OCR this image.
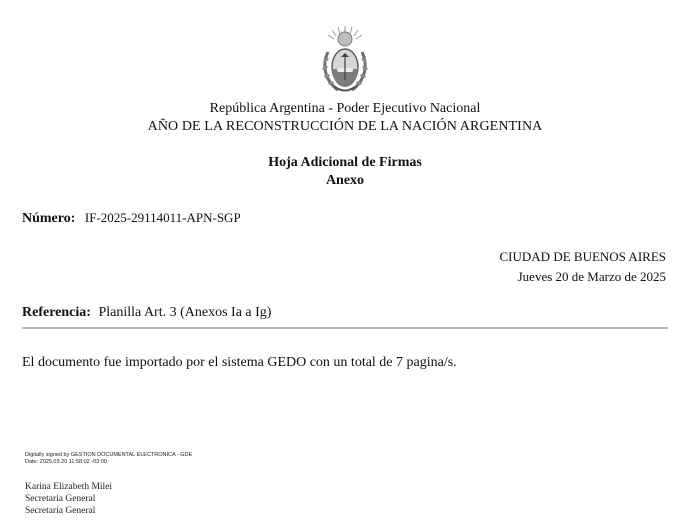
República Argentina - Poder Ejecutivo Nacional
AÑO DE LA RECONSTRUCCIÓN DE LA NACIÓN ARGENTINA
Hoja Adicional de Firmas
Anexo
Número: IF-2025-29114011-APN-SGP
CIUDAD DE BUENOS AIRES
Jueves 20 de Marzo de 2025
Referencia: Planilla Art. 3 (Anexos Ia a Ig)
El documento fue importado por el sistema GEDO con un total de 7 pagina/s.
Digitally signed by GESTION DOCUMENTAL ELECTRONICA - GDE
Date: 2025.03.20 11:58:02 -03:00
Karina Elizabeth Milei
Secretaria General
Secretaría General
